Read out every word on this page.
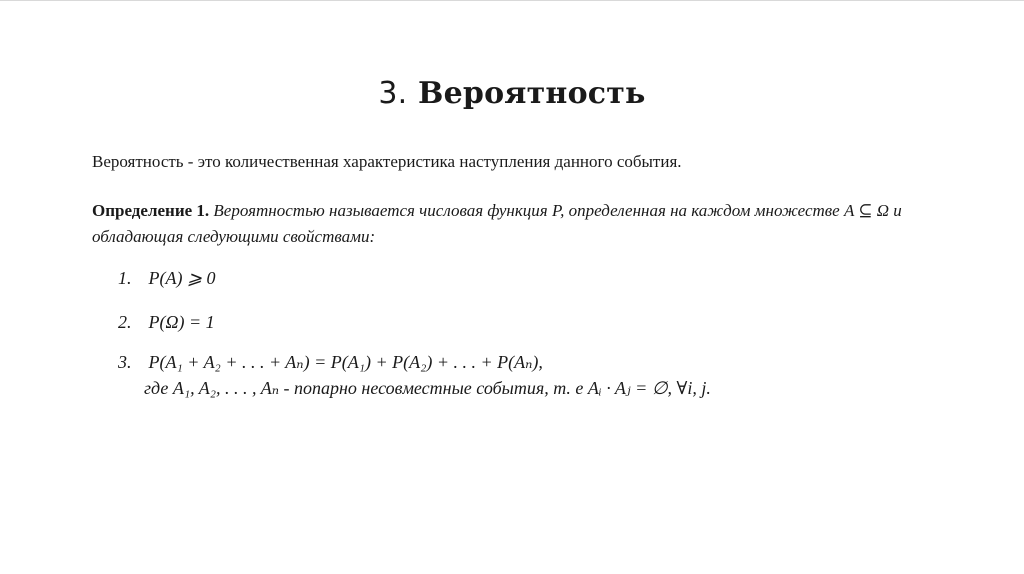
3. Вероятность
Вероятность - это количественная характеристика наступления данного события.
Определение 1. Вероятностью называется числовая функция P, определенная на каждом множестве A ⊆ Ω и обладающая следующими свойствами:
1. P(A) ⩾ 0
2. P(Ω) = 1
3. P(A₁ + A₂ + . . . + Aₙ) = P(A₁) + P(A₂) + . . . + P(Aₙ),
где A₁, A₂, . . . , Aₙ - попарно несовместные события, т. е Aᵢ · Aⱼ = ∅, ∀i, j.
